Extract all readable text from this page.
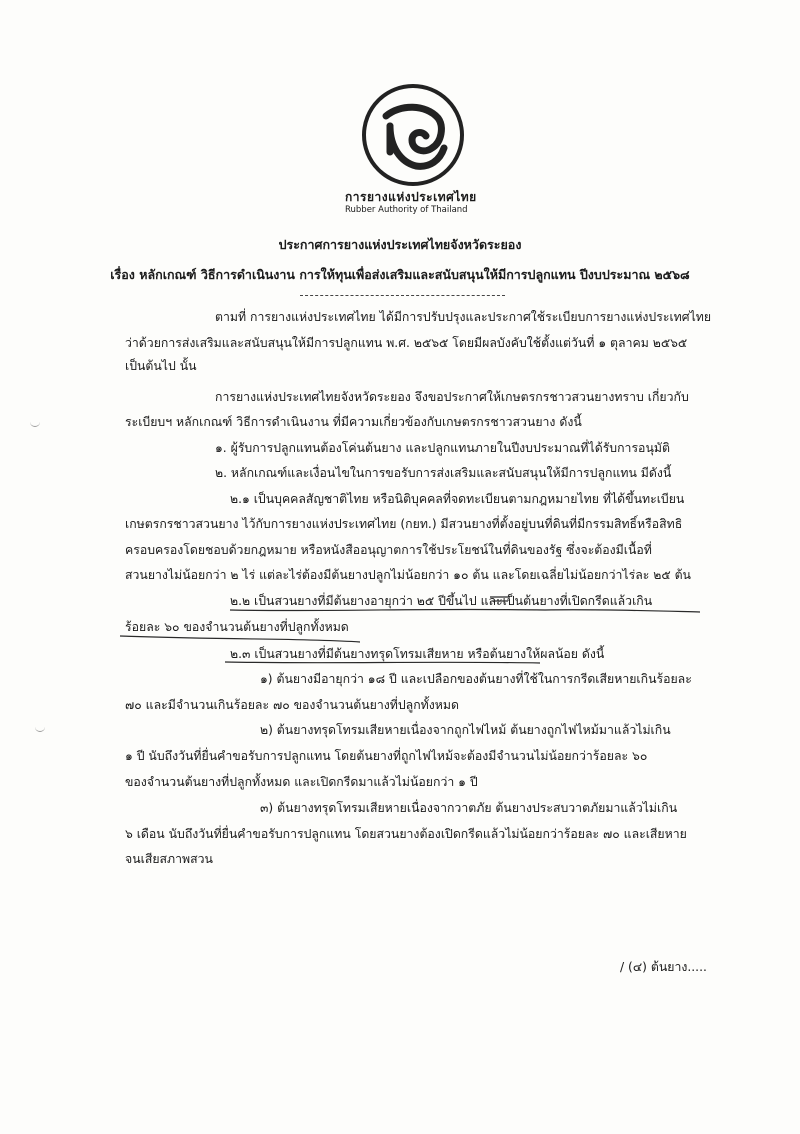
การยางแห่งประเทศไทย
Rubber Authority of Thailand
ประกาศการยางแห่งประเทศไทยจังหวัดระยอง
เรื่อง หลักเกณฑ์ วิธีการดำเนินงาน การให้ทุนเพื่อส่งเสริมและสนับสนุนให้มีการปลูกแทน ปีงบประมาณ ๒๕๖๘
ตามที่ การยางแห่งประเทศไทย ได้มีการปรับปรุงและประกาศใช้ระเบียบการยางแห่งประเทศไทย
ว่าด้วยการส่งเสริมและสนับสนุนให้มีการปลูกแทน พ.ศ. ๒๕๖๕ โดยมีผลบังคับใช้ตั้งแต่วันที่ ๑ ตุลาคม ๒๕๖๕
เป็นต้นไป นั้น
การยางแห่งประเทศไทยจังหวัดระยอง จึงขอประกาศให้เกษตรกรชาวสวนยางทราบ เกี่ยวกับ
ระเบียบฯ หลักเกณฑ์ วิธีการดำเนินงาน ที่มีความเกี่ยวข้องกับเกษตรกรชาวสวนยาง ดังนี้
๑. ผู้รับการปลูกแทนต้องโค่นต้นยาง และปลูกแทนภายในปีงบประมาณที่ได้รับการอนุมัติ
๒. หลักเกณฑ์และเงื่อนไขในการขอรับการส่งเสริมและสนับสนุนให้มีการปลูกแทน มีดังนี้
๒.๑ เป็นบุคคลสัญชาติไทย หรือนิติบุคคลที่จดทะเบียนตามกฎหมายไทย ที่ได้ขึ้นทะเบียน
เกษตรกรชาวสวนยาง ไว้กับการยางแห่งประเทศไทย (กยท.) มีสวนยางที่ตั้งอยู่บนที่ดินที่มีกรรมสิทธิ์หรือสิทธิ
ครอบครองโดยชอบด้วยกฎหมาย หรือหนังสืออนุญาตการใช้ประโยชน์ในที่ดินของรัฐ ซึ่งจะต้องมีเนื้อที่
สวนยางไม่น้อยกว่า ๒ ไร่ แต่ละไร่ต้องมีต้นยางปลูกไม่น้อยกว่า ๑๐ ต้น และโดยเฉลี่ยไม่น้อยกว่าไร่ละ ๒๕ ต้น
๒.๒ เป็นสวนยางที่มีต้นยางอายุกว่า ๒๕ ปีขึ้นไป และเป็นต้นยางที่เปิดกรีดแล้วเกิน
ร้อยละ ๖๐ ของจำนวนต้นยางที่ปลูกทั้งหมด
๒.๓ เป็นสวนยางที่มีต้นยางทรุดโทรมเสียหาย หรือต้นยางให้ผลน้อย ดังนี้
๑) ต้นยางมีอายุกว่า ๑๘ ปี และเปลือกของต้นยางที่ใช้ในการกรีดเสียหายเกินร้อยละ
๗๐ และมีจำนวนเกินร้อยละ ๗๐ ของจำนวนต้นยางที่ปลูกทั้งหมด
๒) ต้นยางทรุดโทรมเสียหายเนื่องจากถูกไฟไหม้ ต้นยางถูกไฟไหม้มาแล้วไม่เกิน
๑ ปี นับถึงวันที่ยื่นคำขอรับการปลูกแทน โดยต้นยางที่ถูกไฟไหม้จะต้องมีจำนวนไม่น้อยกว่าร้อยละ ๖๐
ของจำนวนต้นยางที่ปลูกทั้งหมด และเปิดกรีดมาแล้วไม่น้อยกว่า ๑ ปี
๓) ต้นยางทรุดโทรมเสียหายเนื่องจากวาตภัย ต้นยางประสบวาตภัยมาแล้วไม่เกิน
๖ เดือน นับถึงวันที่ยื่นคำขอรับการปลูกแทน โดยสวนยางต้องเปิดกรีดแล้วไม่น้อยกว่าร้อยละ ๗๐ และเสียหาย
จนเสียสภาพสวน
/ (๔) ต้นยาง.....
